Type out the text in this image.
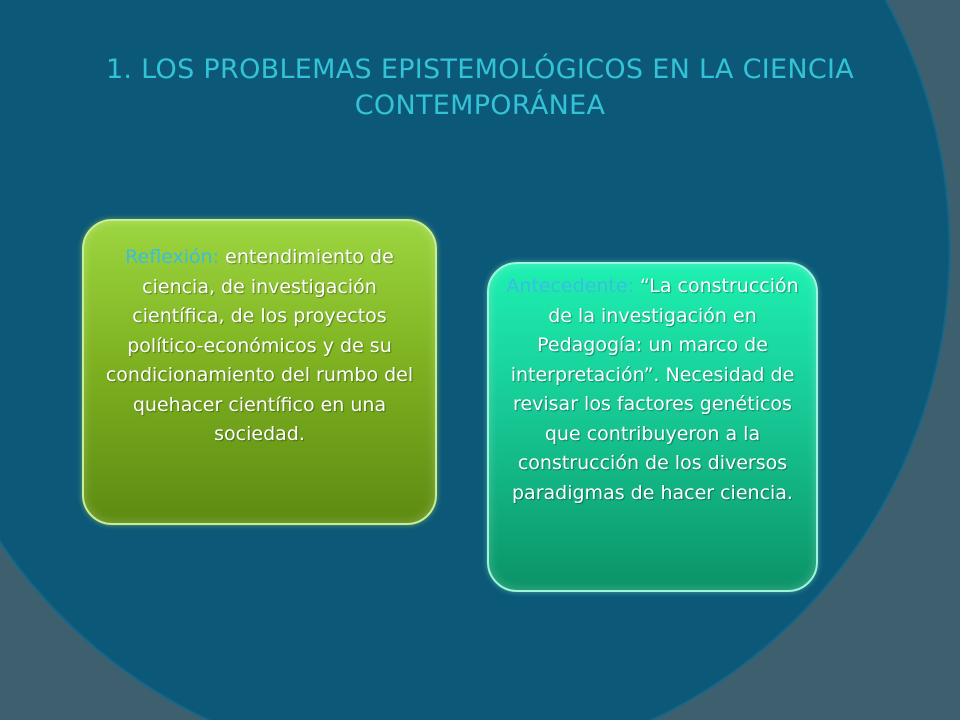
1. LOS PROBLEMAS EPISTEMOLÓGICOS EN LA CIENCIA CONTEMPORÁNEA
Reflexión: entendimiento de ciencia, de investigación científica, de los proyectos político-económicos y de su condicionamiento del rumbo del quehacer científico en una sociedad.
Antecedente: “La construcción de la investigación en Pedagogía: un marco de interpretación”. Necesidad de revisar los factores genéticos que contribuyeron a la construcción de los diversos paradigmas de hacer ciencia.
